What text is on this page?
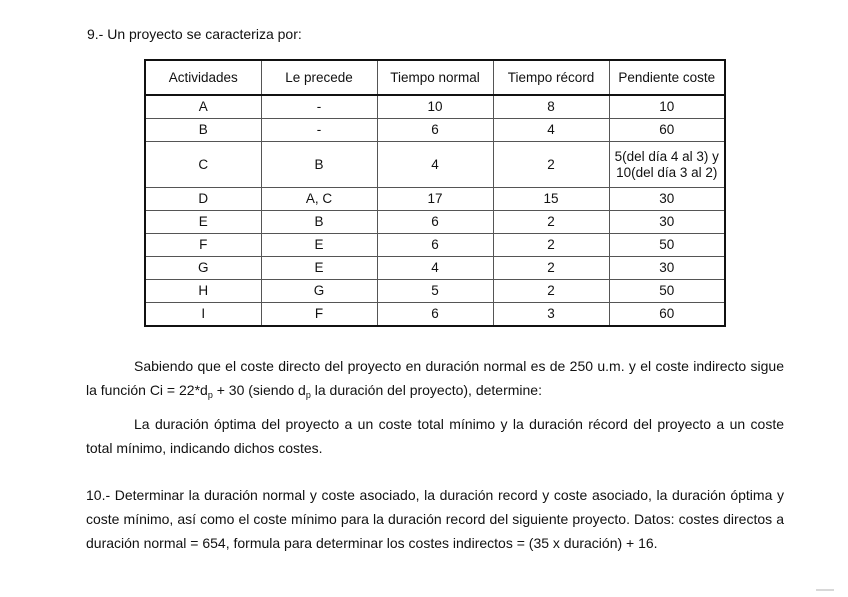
9.- Un proyecto se caracteriza por:
Actividades	Le precede	Tiempo normal	Tiempo récord	Pendiente coste
A	-	10	8	10
B	-	6	4	60
C	B	4	2	5(del día 4 al 3) y 10(del día 3 al 2)
D	A, C	17	15	30
E	B	6	2	30
F	E	6	2	50
G	E	4	2	30
H	G	5	2	50
I	F	6	3	60

Sabiendo que el coste directo del proyecto en duración normal es de 250 u.m. y el coste indirecto sigue la función $Ci = 22*d_p + 30$ (siendo $d_p$ la duración del proyecto), determine:

La duración óptima del proyecto a un coste total mínimo y la duración récord del proyecto a un coste total mínimo, indicando dichos costes.

10.- Determinar la duración normal y coste asociado, la duración record y coste asociado, la duración óptima y coste mínimo, así como el coste mínimo para la duración record del siguiente proyecto. Datos: costes directos a duración normal = 654, formula para determinar los costes indirectos = (35 x duración) + 16.
